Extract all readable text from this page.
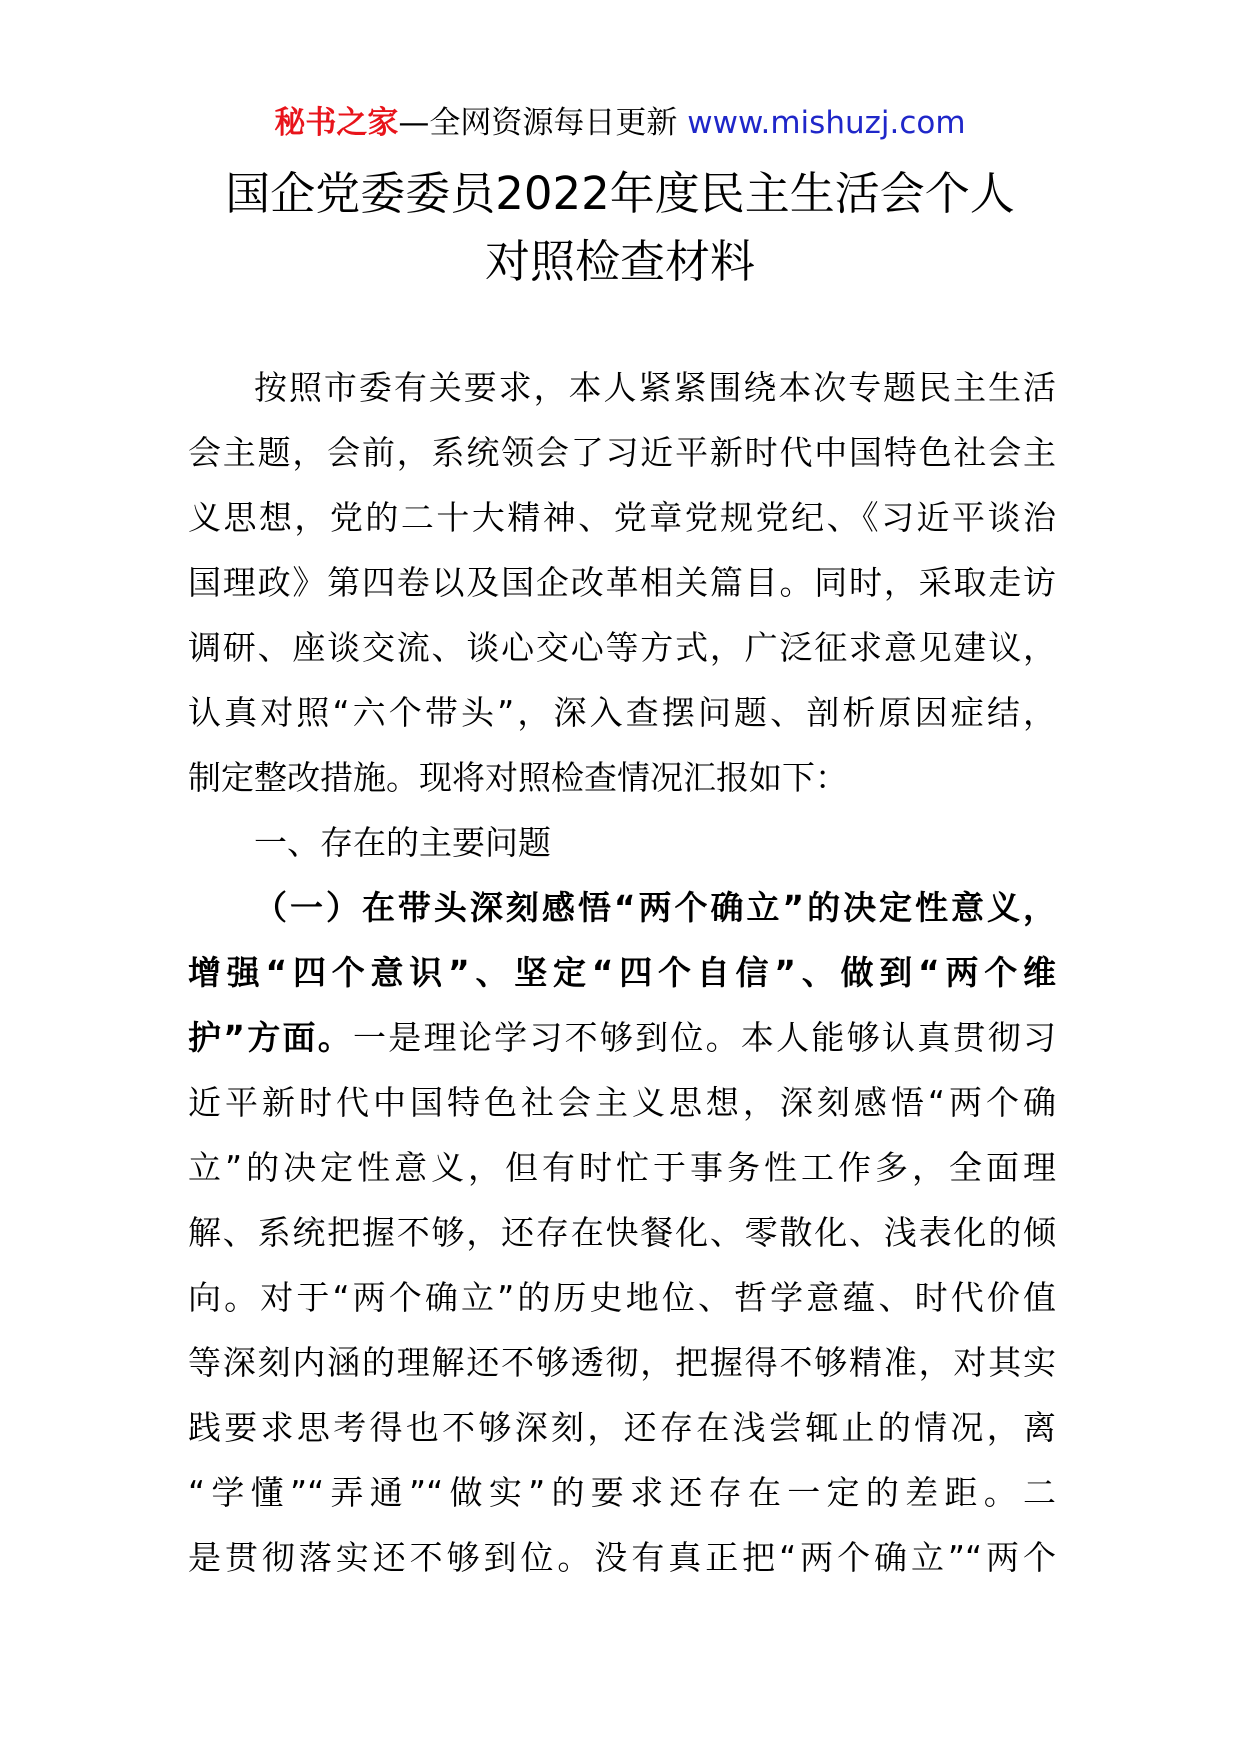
秘书之家—全网资源每日更新 www.mishuzj.com
国企党委委员2022年度民主生活会个人
对照检查材料
按照市委有关要求，本人紧紧围绕本次专题民主生活
会主题，会前，系统领会了习近平新时代中国特色社会主
义思想，党的二十大精神、党章党规党纪、《习近平谈治
国理政》第四卷以及国企改革相关篇目。同时，采取走访
调研、座谈交流、谈心交心等方式，广泛征求意见建议，
认真对照“六个带头”，深入查摆问题、剖析原因症结，
制定整改措施。现将对照检查情况汇报如下：
一、存在的主要问题
（一）在带头深刻感悟“两个确立”的决定性意义，
增强“四个意识”、坚定“四个自信”、做到“两个维
护”方面。一是理论学习不够到位。本人能够认真贯彻习
近平新时代中国特色社会主义思想，深刻感悟“两个确
立”的决定性意义，但有时忙于事务性工作多，全面理
解、系统把握不够，还存在快餐化、零散化、浅表化的倾
向。对于“两个确立”的历史地位、哲学意蕴、时代价值
等深刻内涵的理解还不够透彻，把握得不够精准，对其实
践要求思考得也不够深刻，还存在浅尝辄止的情况，离
“学懂”“弄通”“做实”的要求还存在一定的差距。二
是贯彻落实还不够到位。没有真正把“两个确立”“两个
